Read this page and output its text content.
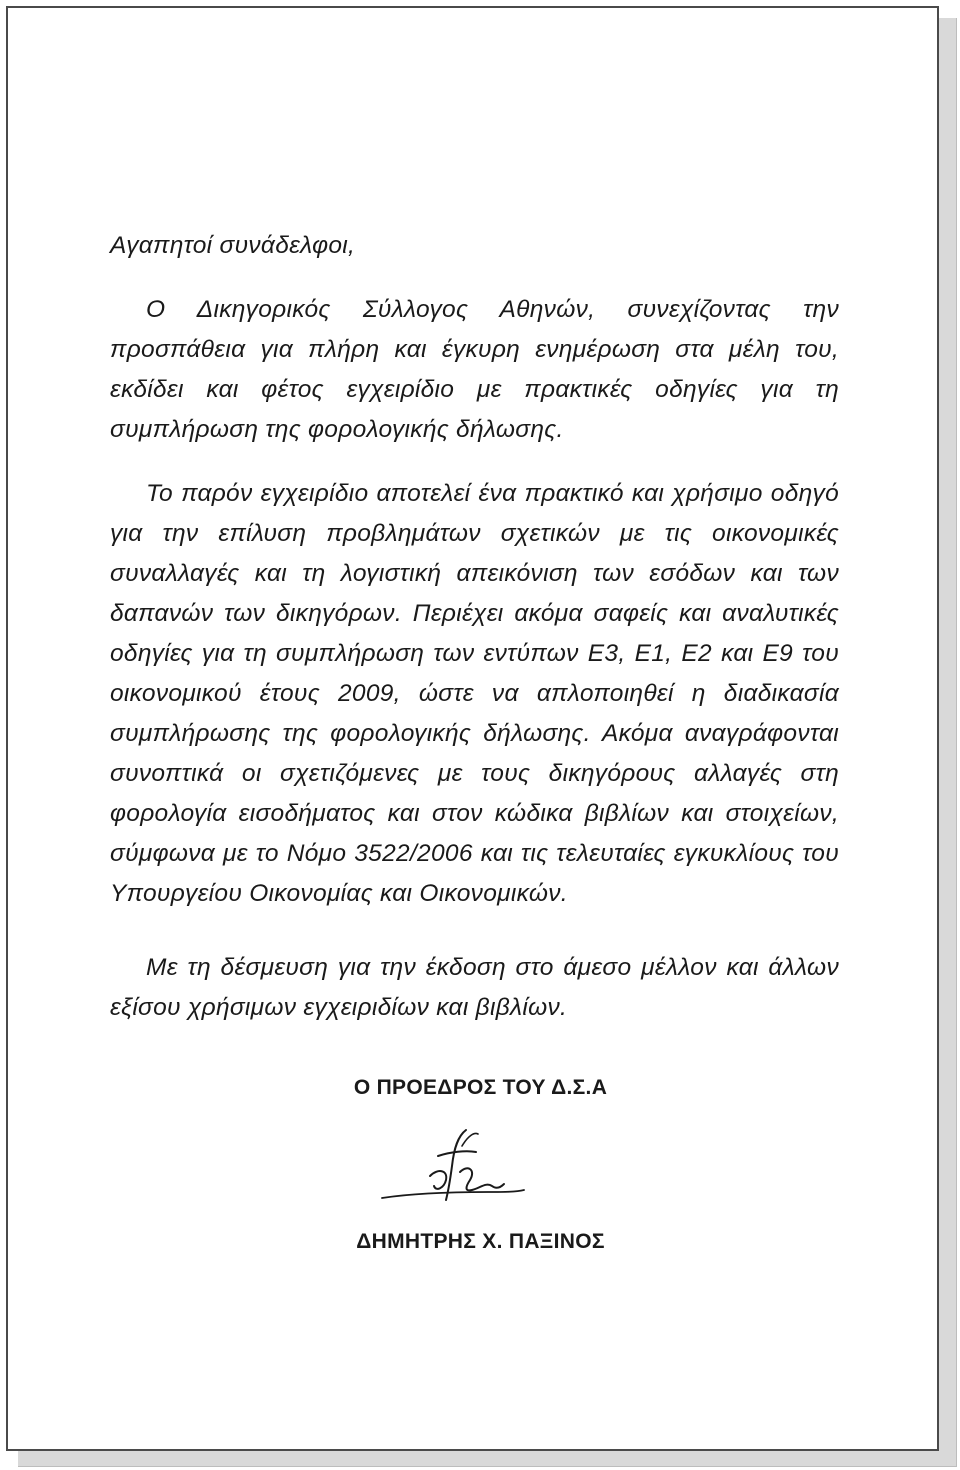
Αγαπητοί συνάδελφοι,
Ο Δικηγορικός Σύλλογος Αθηνών, συνεχίζοντας την προσπάθεια για πλήρη και έγκυρη ενημέρωση στα μέλη του, εκδίδει και φέτος εγχειρίδιο με πρακτικές οδηγίες για τη συμπλήρωση της φορολογικής δήλωσης.
Το παρόν εγχειρίδιο αποτελεί ένα πρακτικό και χρήσιμο οδηγό για την επίλυση προβλημάτων σχετικών με τις οικονομικές συναλλαγές και τη λογιστική απεικόνιση των εσόδων και των δαπανών των δικηγόρων. Περιέχει ακόμα σαφείς και αναλυτικές οδηγίες για τη συμπλήρωση των εντύπων Ε3, Ε1, Ε2 και Ε9 του οικονομικού έτους 2009, ώστε να απλοποιηθεί η διαδικασία συμπλήρωσης της φορολογικής δήλωσης. Ακόμα αναγράφονται συνοπτικά οι σχετιζόμενες με τους δικηγόρους αλλαγές στη φορολογία εισοδήματος και στον κώδικα βιβλίων και στοιχείων, σύμφωνα με το Νόμο 3522/2006 και τις τελευταίες εγκυκλίους του Υπουργείου Οικονομίας και Οικονομικών.
Με τη δέσμευση για την έκδοση στο άμεσο μέλλον και άλλων εξίσου χρήσιμων εγχειριδίων και βιβλίων.
Ο ΠΡΟΕΔΡΟΣ ΤΟΥ Δ.Σ.Α
ΔΗΜΗΤΡΗΣ Χ. ΠΑΞΙΝΟΣ
